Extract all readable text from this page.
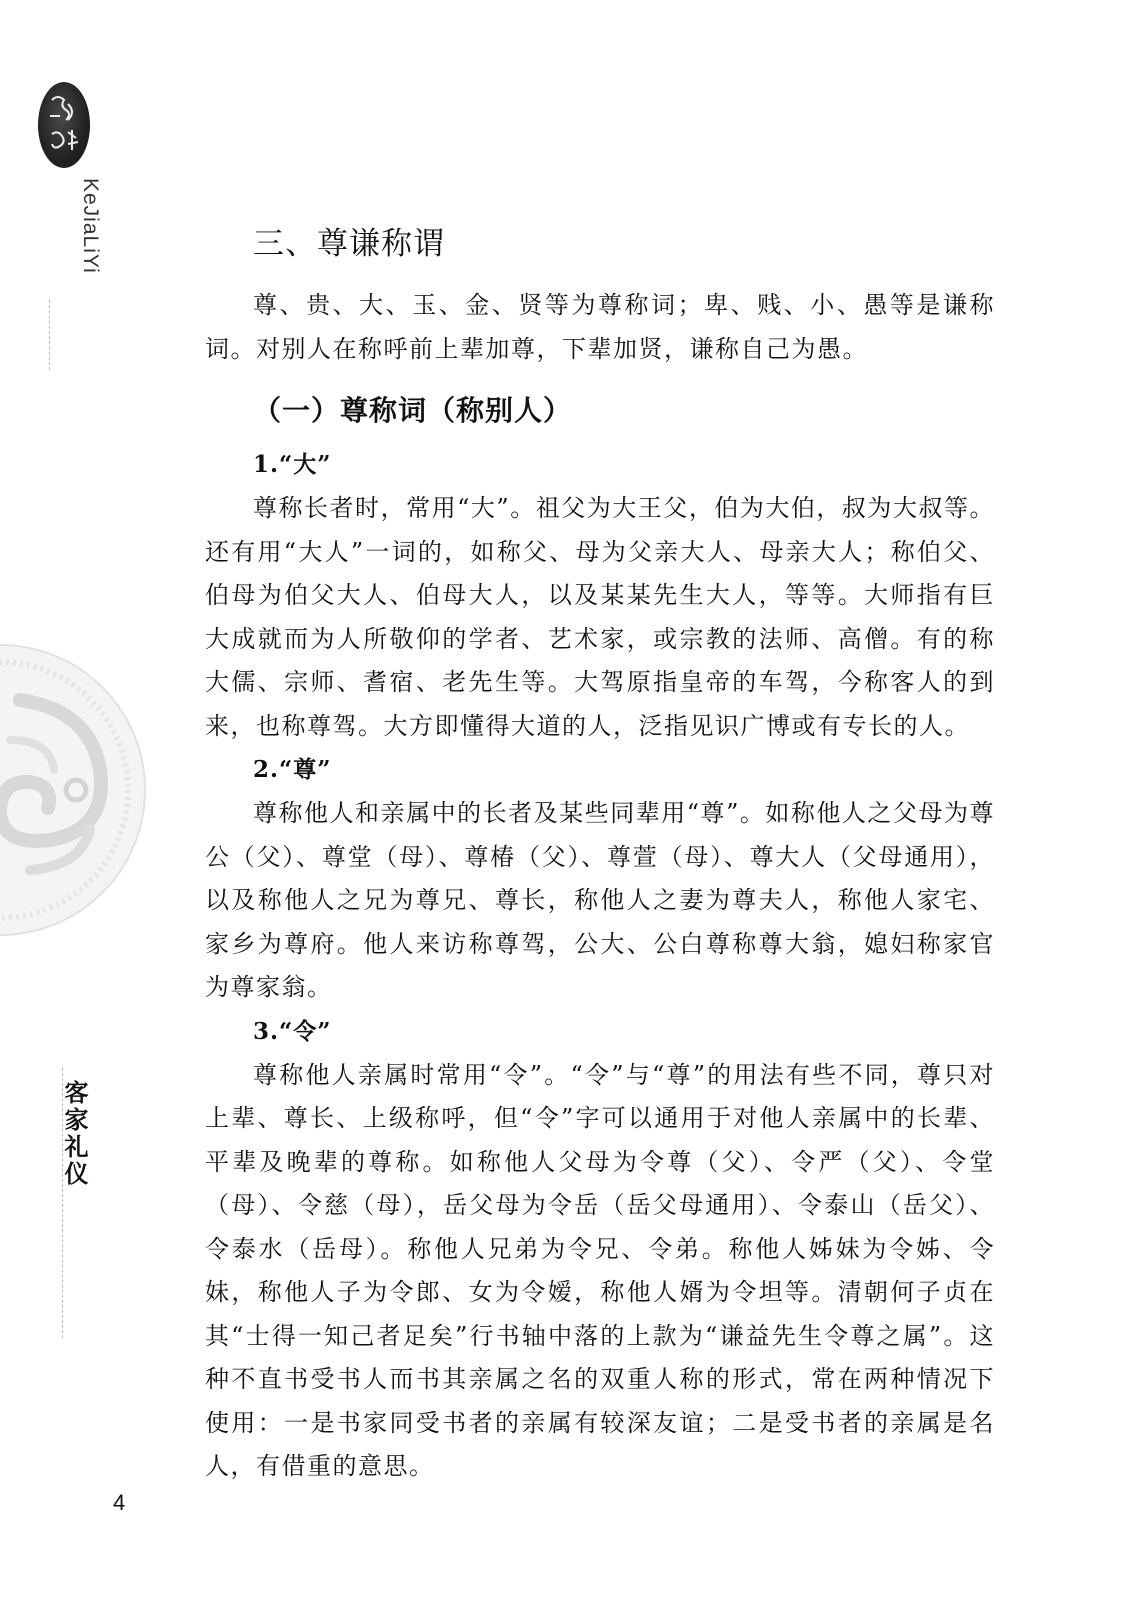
KeJiaLiYi
客家礼仪
三、尊谦称谓

尊、贵、大、玉、金、贤等为尊称词；卑、贱、小、愚等是谦称词。对别人在称呼前上辈加尊，下辈加贤，谦称自己为愚。

（一）尊称词（称别人）
1.“大”

尊称长者时，常用“大”。祖父为大王父，伯为大伯，叔为大叔等。还有用“大人”一词的，如称父、母为父亲大人、母亲大人；称伯父、伯母为伯父大人、伯母大人，以及某某先生大人，等等。大师指有巨大成就而为人所敬仰的学者、艺术家，或宗教的法师、高僧。有的称大儒、宗师、耆宿、老先生等。大驾原指皇帝的车驾，今称客人的到来，也称尊驾。大方即懂得大道的人，泛指见识广博或有专长的人。

2.“尊”

尊称他人和亲属中的长者及某些同辈用“尊”。如称他人之父母为尊公（父）、尊堂（母）、尊椿（父）、尊萱（母）、尊大人（父母通用），以及称他人之兄为尊兄、尊长，称他人之妻为尊夫人，称他人家宅、家乡为尊府。他人来访称尊驾，公大、公白尊称尊大翁，媳妇称家官为尊家翁。

3.“令”

尊称他人亲属时常用“令”。“令”与“尊”的用法有些不同，尊只对上辈、尊长、上级称呼，但“令”字可以通用于对他人亲属中的长辈、平辈及晚辈的尊称。如称他人父母为令尊（父）、令严（父）、令堂（母）、令慈（母），岳父母为令岳（岳父母通用）、令泰山（岳父）、令泰水（岳母）。称他人兄弟为令兄、令弟。称他人姊妹为令姊、令妹，称他人子为令郎、女为令嫒，称他人婿为令坦等。清朝何子贞在其“士得一知己者足矣”行书轴中落的上款为“谦益先生令尊之属”。这种不直书受书人而书其亲属之名的双重人称的形式，常在两种情况下使用：一是书家同受书者的亲属有较深友谊；二是受书者的亲属是名人，有借重的意思。

4
